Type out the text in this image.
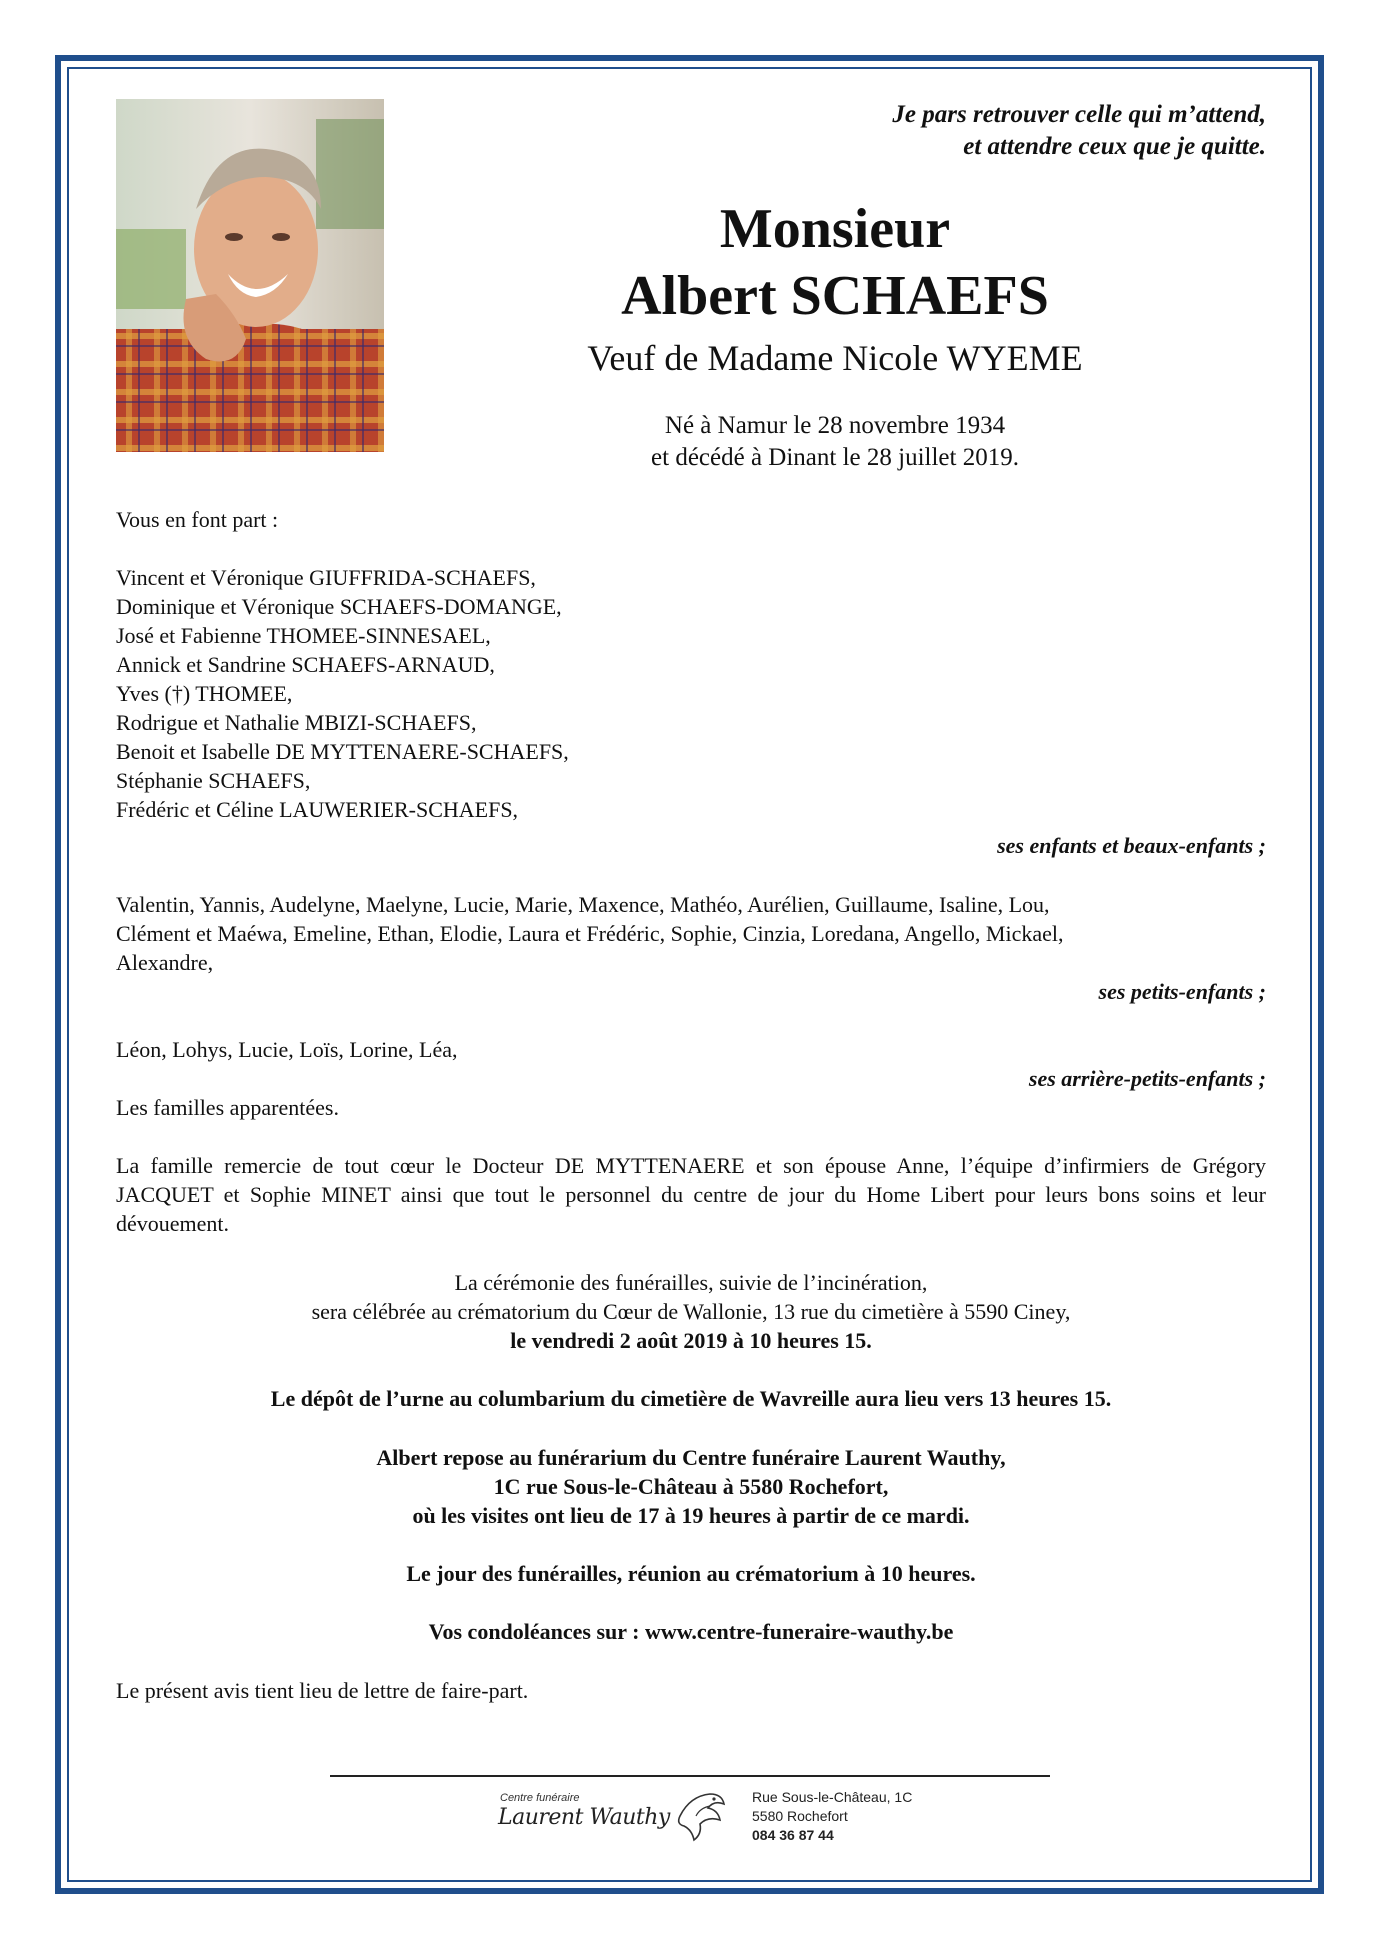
Je pars retrouver celle qui m’attend,
et attendre ceux que je quitte.
Monsieur
Albert SCHAEFS
Veuf de Madame Nicole WYEME
Né à Namur le 28 novembre 1934
et décédé à Dinant le 28 juillet 2019.
Vous en font part :
Vincent et Véronique GIUFFRIDA-SCHAEFS,
Dominique et Véronique SCHAEFS-DOMANGE,
José et Fabienne THOMEE-SINNESAEL,
Annick et Sandrine SCHAEFS-ARNAUD,
Yves (†) THOMEE,
Rodrigue et Nathalie MBIZI-SCHAEFS,
Benoit et Isabelle DE MYTTENAERE-SCHAEFS,
Stéphanie SCHAEFS,
Frédéric et Céline LAUWERIER-SCHAEFS,
ses enfants et beaux-enfants ;
Valentin, Yannis, Audelyne, Maelyne, Lucie, Marie, Maxence, Mathéo, Aurélien, Guillaume, Isaline, Lou,
Clément et Maéwa, Emeline, Ethan, Elodie, Laura et Frédéric, Sophie, Cinzia, Loredana, Angello, Mickael,
Alexandre,
ses petits-enfants ;
Léon, Lohys, Lucie, Loïs, Lorine, Léa,
ses arrière-petits-enfants ;
Les familles apparentées.
La famille remercie de tout cœur le Docteur DE MYTTENAERE et son épouse Anne, l’équipe d’infirmiers de Grégory JACQUET et Sophie MINET ainsi que tout le personnel du centre de jour du Home Libert pour leurs bons soins et leur dévouement.
La cérémonie des funérailles, suivie de l’incinération,
sera célébrée au crématorium du Cœur de Wallonie, 13 rue du cimetière à 5590 Ciney,
le vendredi 2 août 2019 à 10 heures 15.
Le dépôt de l’urne au columbarium du cimetière de Wavreille aura lieu vers 13 heures 15.
Albert repose au funérarium du Centre funéraire Laurent Wauthy,
1C rue Sous-le-Château à 5580 Rochefort,
où les visites ont lieu de 17 à 19 heures à partir de ce mardi.
Le jour des funérailles, réunion au crématorium à 10 heures.
Vos condoléances sur : www.centre-funeraire-wauthy.be
Le présent avis tient lieu de lettre de faire-part.
Centre funéraire
Laurent Wauthy
Rue Sous-le-Château, 1C
5580 Rochefort
084 36 87 44
